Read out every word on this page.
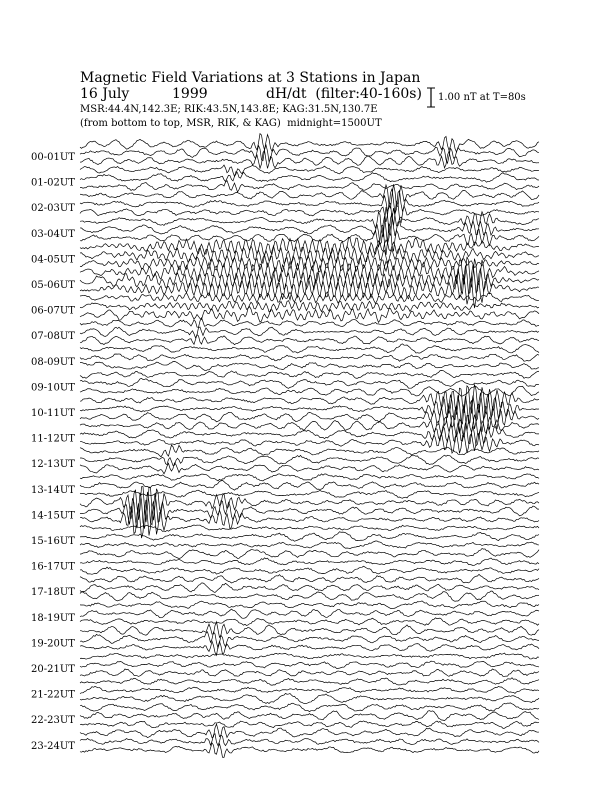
Magnetic Field Variations at 3 Stations in Japan
16 July	1999	dH/dt (filter:40-160s)
MSR:44.4N,142.3E; RIK:43.5N,143.8E; KAG:31.5N,130.7E
(from bottom to top, MSR, RIK, & KAG) midnight=1500UT
1.00 nT at T=80s
00-01UT
01-02UT
02-03UT
03-04UT
04-05UT
05-06UT
06-07UT
07-08UT
08-09UT
09-10UT
10-11UT
11-12UT
12-13UT
13-14UT
14-15UT
15-16UT
16-17UT
17-18UT
18-19UT
19-20UT
20-21UT
21-22UT
22-23UT
23-24UT
